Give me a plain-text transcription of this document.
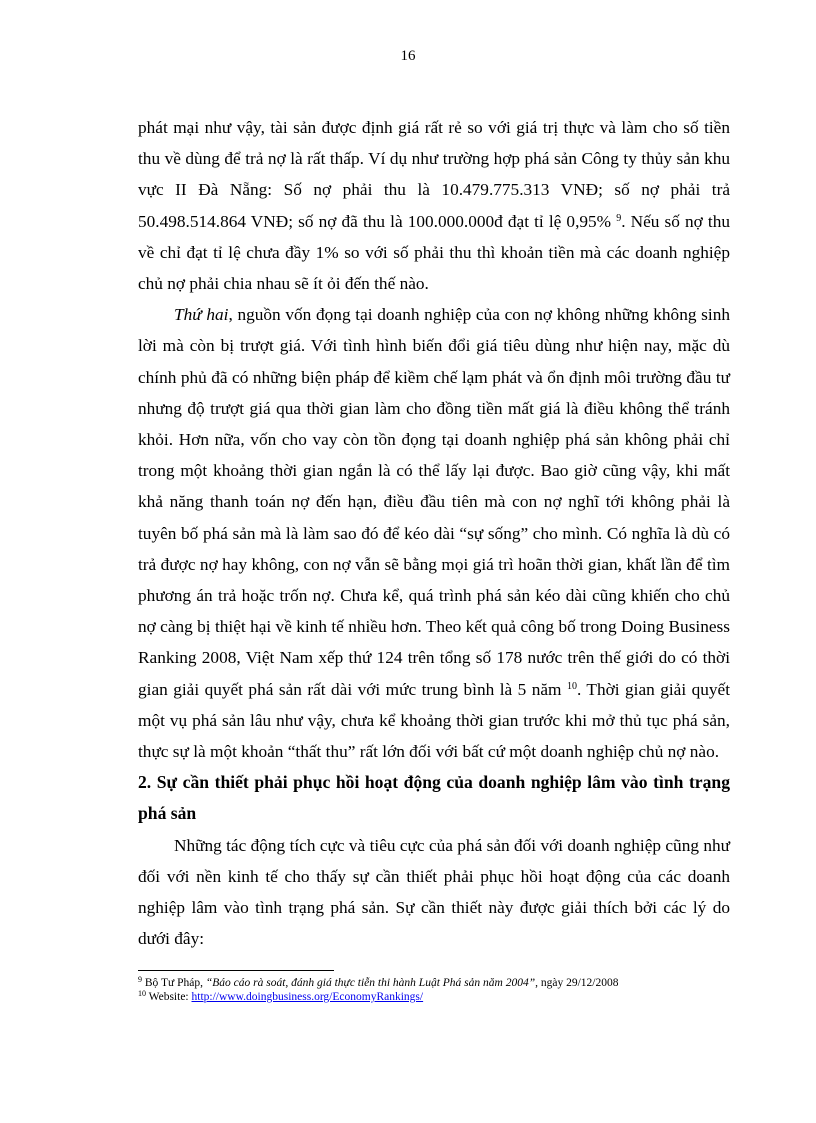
16

phát mại như vậy, tài sản được định giá rất rẻ so với giá trị thực và làm cho số tiền thu về dùng để trả nợ là rất thấp. Ví dụ như trường hợp phá sản Công ty thủy sản khu vực II Đà Nẵng: Số nợ phải thu là 10.479.775.313 VNĐ; số nợ phải trả 50.498.514.864 VNĐ; số nợ đã thu là 100.000.000đ đạt tỉ lệ 0,95% $^9$. Nếu số nợ thu về chỉ đạt tỉ lệ chưa đầy 1% so với số phải thu thì khoản tiền mà các doanh nghiệp chủ nợ phải chia nhau sẽ ít ỏi đến thế nào.

Thứ hai, nguồn vốn đọng tại doanh nghiệp của con nợ không những không sinh lời mà còn bị trượt giá. Với tình hình biến đổi giá tiêu dùng như hiện nay, mặc dù chính phủ đã có những biện pháp để kiềm chế lạm phát và ổn định môi trường đầu tư nhưng độ trượt giá qua thời gian làm cho đồng tiền mất giá là điều không thể tránh khỏi. Hơn nữa, vốn cho vay còn tồn đọng tại doanh nghiệp phá sản không phải chỉ trong một khoảng thời gian ngắn là có thể lấy lại được. Bao giờ cũng vậy, khi mất khả năng thanh toán nợ đến hạn, điều đầu tiên mà con nợ nghĩ tới không phải là tuyên bố phá sản mà là làm sao đó để kéo dài “sự sống” cho mình. Có nghĩa là dù có trả được nợ hay không, con nợ vẫn sẽ bằng mọi giá trì hoãn thời gian, khất lần để tìm phương án trả hoặc trốn nợ. Chưa kể, quá trình phá sản kéo dài cũng khiến cho chủ nợ càng bị thiệt hại về kinh tế nhiều hơn. Theo kết quả công bố trong Doing Business Ranking 2008, Việt Nam xếp thứ 124 trên tổng số 178 nước trên thế giới do có thời gian giải quyết phá sản rất dài với mức trung bình là 5 năm $^{10}$. Thời gian giải quyết một vụ phá sản lâu như vậy, chưa kể khoảng thời gian trước khi mở thủ tục phá sản, thực sự là một khoản “thất thu” rất lớn đối với bất cứ một doanh nghiệp chủ nợ nào.

2. Sự cần thiết phải phục hồi hoạt động của doanh nghiệp lâm vào tình trạng phá sản

Những tác động tích cực và tiêu cực của phá sản đối với doanh nghiệp cũng như đối với nền kinh tế cho thấy sự cần thiết phải phục hồi hoạt động của các doanh nghiệp lâm vào tình trạng phá sản. Sự cần thiết này được giải thích bởi các lý do dưới đây:

$^9$ Bộ Tư Pháp, “Báo cáo rà soát, đánh giá thực tiễn thi hành Luật Phá sản năm 2004”, ngày 29/12/2008
$^{10}$ Website: http://www.doingbusiness.org/EconomyRankings/
